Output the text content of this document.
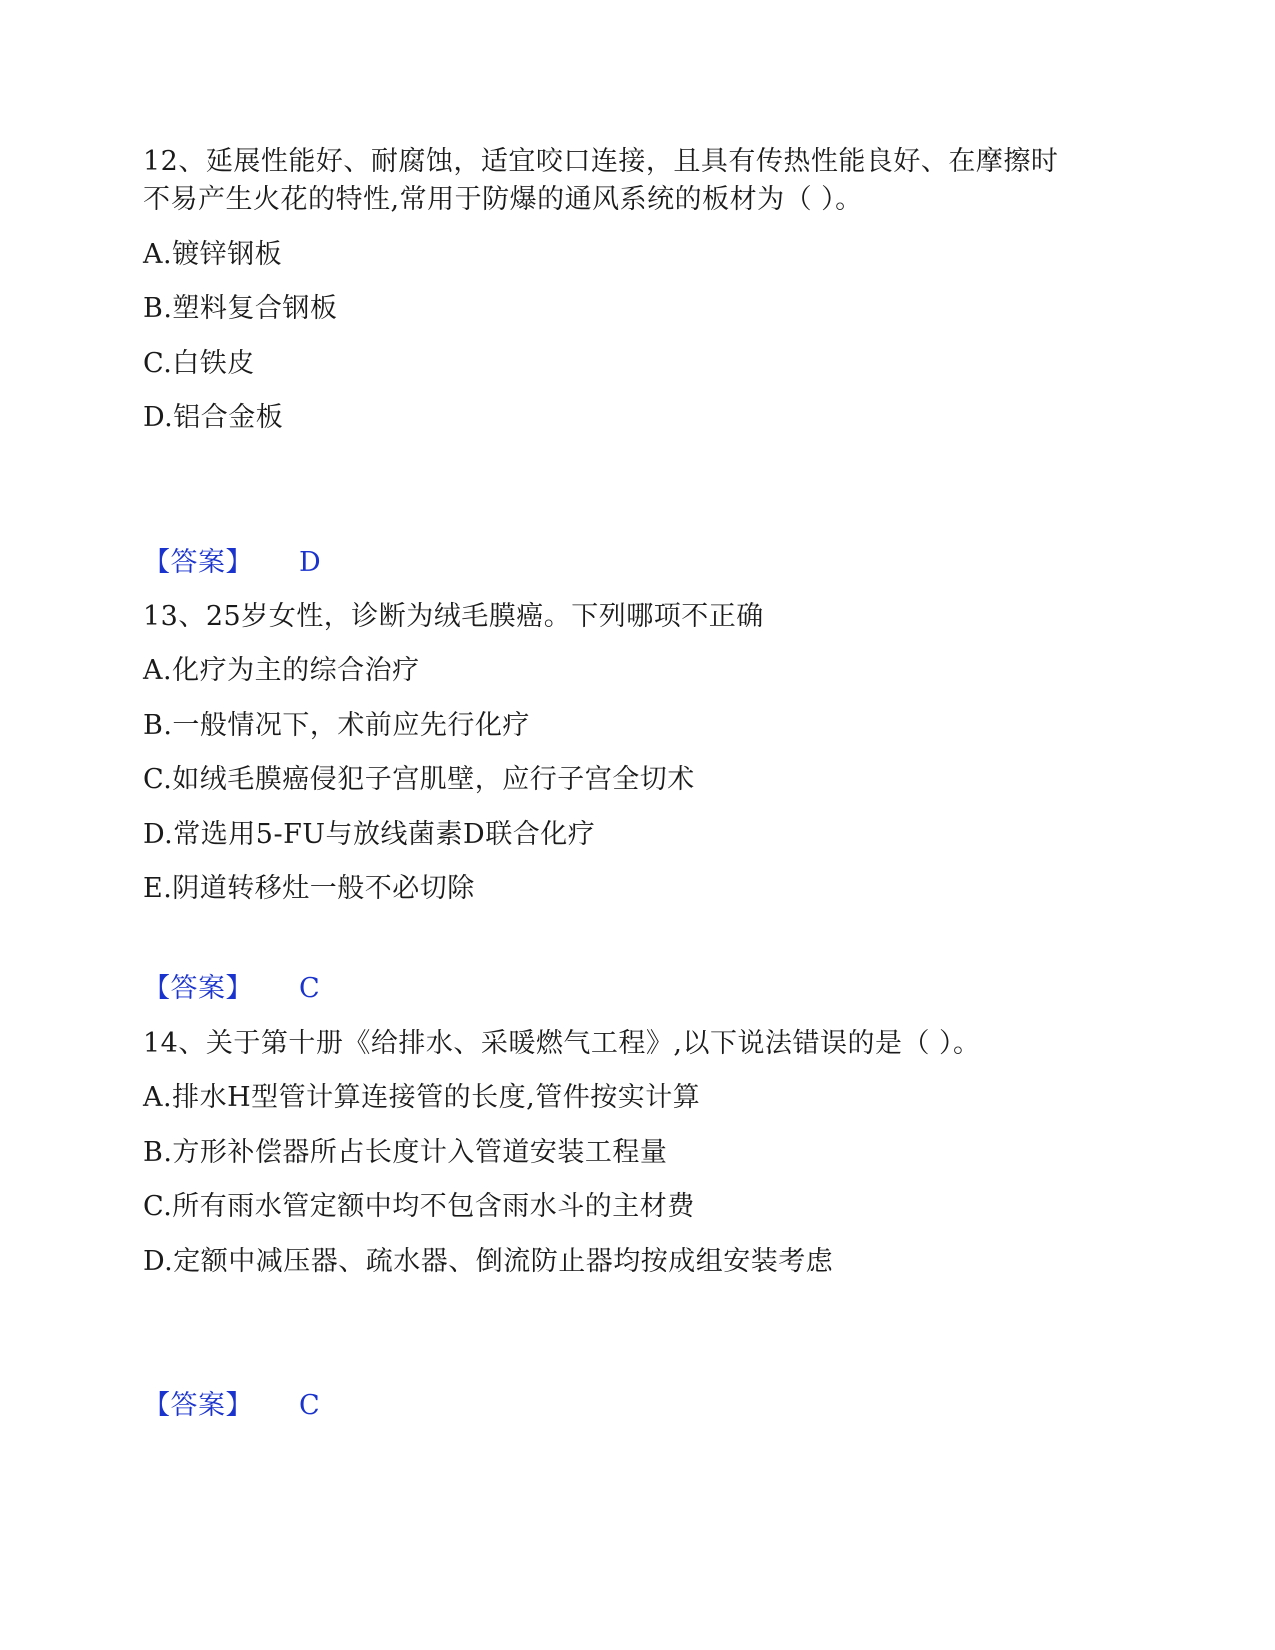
12、延展性能好、耐腐蚀，适宜咬口连接，且具有传热性能良好、在摩擦时
不易产生火花的特性,常用于防爆的通风系统的板材为（ ）。
A.镀锌钢板
B.塑料复合钢板
C.白铁皮
D.铝合金板
【答案】 D
13、25岁女性，诊断为绒毛膜癌。下列哪项不正确
A.化疗为主的综合治疗
B.一般情况下，术前应先行化疗
C.如绒毛膜癌侵犯子宫肌壁，应行子宫全切术
D.常选用5-FU与放线菌素D联合化疗
E.阴道转移灶一般不必切除
【答案】 C
14、关于第十册《给排水、采暖燃气工程》,以下说法错误的是（ ）。
A.排水H型管计算连接管的长度,管件按实计算
B.方形补偿器所占长度计入管道安装工程量
C.所有雨水管定额中均不包含雨水斗的主材费
D.定额中减压器、疏水器、倒流防止器均按成组安装考虑
【答案】 C
